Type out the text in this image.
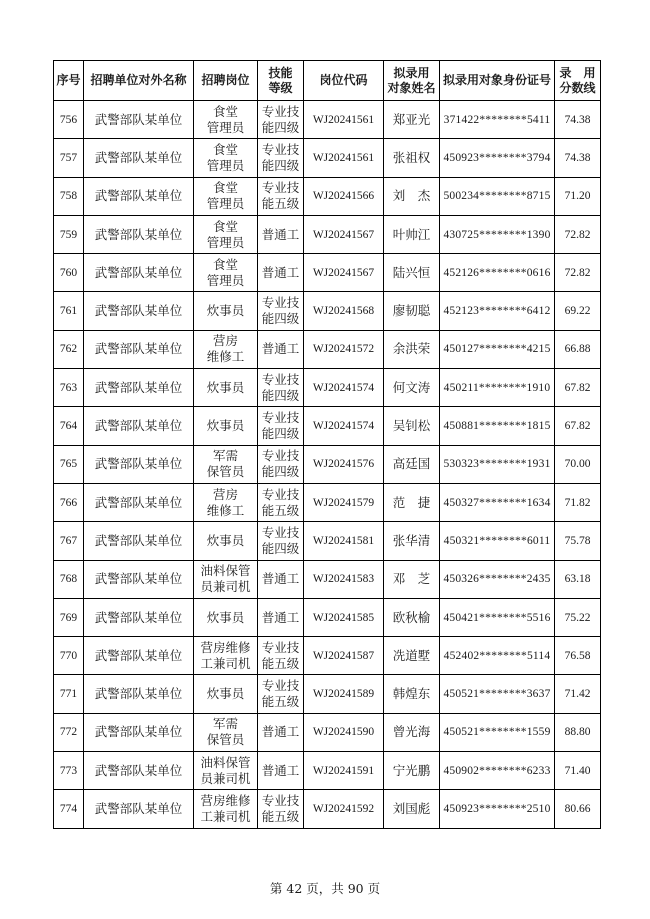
序号	招聘单位对外名称	招聘岗位	技能
等级	岗位代码	拟录用
对象姓名	拟录用对象身份证号	录　用
分数线
756	武警部队某单位	食堂
管理员	专业技
能四级	WJ20241561	郑亚光	371422********5411	74.38
757	武警部队某单位	食堂
管理员	专业技
能四级	WJ20241561	张祖权	450923********3794	74.38
758	武警部队某单位	食堂
管理员	专业技
能五级	WJ20241566	刘　杰	500234********8715	71.20
759	武警部队某单位	食堂
管理员	普通工	WJ20241567	叶帅江	430725********1390	72.82
760	武警部队某单位	食堂
管理员	普通工	WJ20241567	陆兴恒	452126********0616	72.82
761	武警部队某单位	炊事员	专业技
能四级	WJ20241568	廖韧聪	452123********6412	69.22
762	武警部队某单位	营房
维修工	普通工	WJ20241572	余洪荣	450127********4215	66.88
763	武警部队某单位	炊事员	专业技
能四级	WJ20241574	何文涛	450211********1910	67.82
764	武警部队某单位	炊事员	专业技
能四级	WJ20241574	吴钊松	450881********1815	67.82
765	武警部队某单位	军需
保管员	专业技
能四级	WJ20241576	高廷国	530323********1931	70.00
766	武警部队某单位	营房
维修工	专业技
能五级	WJ20241579	范　捷	450327********1634	71.82
767	武警部队某单位	炊事员	专业技
能四级	WJ20241581	张华清	450321********6011	75.78
768	武警部队某单位	油料保管
员兼司机	普通工	WJ20241583	邓　芝	450326********2435	63.18
769	武警部队某单位	炊事员	普通工	WJ20241585	欧秋榆	450421********5516	75.22
770	武警部队某单位	营房维修
工兼司机	专业技
能五级	WJ20241587	冼道墅	452402********5114	76.58
771	武警部队某单位	炊事员	专业技
能五级	WJ20241589	韩煌东	450521********3637	71.42
772	武警部队某单位	军需
保管员	普通工	WJ20241590	曾光海	450521********1559	88.80
773	武警部队某单位	油料保管
员兼司机	普通工	WJ20241591	宁光鹏	450902********6233	71.40
774	武警部队某单位	营房维修
工兼司机	专业技
能五级	WJ20241592	刘国彪	450923********2510	80.66
第 42 页，共 90 页
